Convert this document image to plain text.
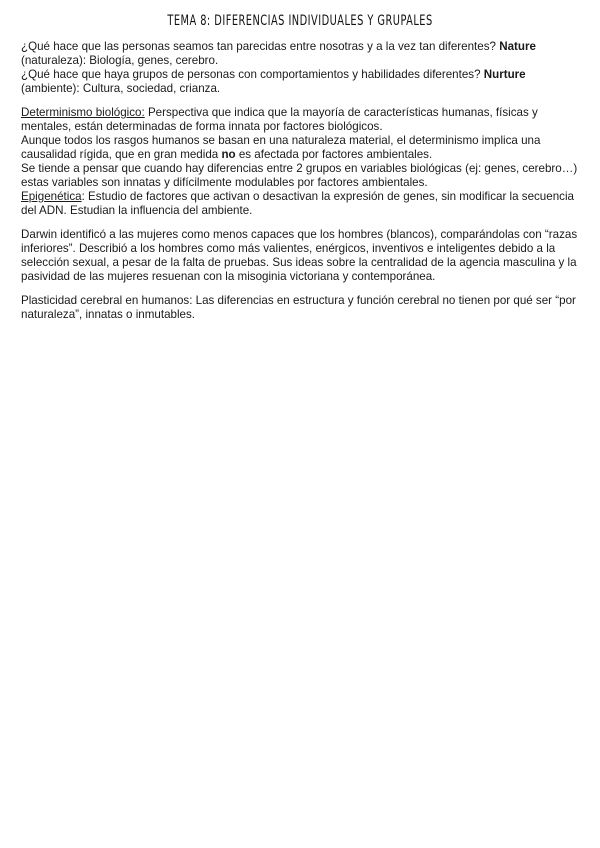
TEMA 8: DIFERENCIAS INDIVIDUALES Y GRUPALES

¿Qué hace que las personas seamos tan parecidas entre nosotras y a la vez tan diferentes? Nature
(naturaleza): Biología, genes, cerebro.
¿Qué hace que haya grupos de personas con comportamientos y habilidades diferentes? Nurture
(ambiente): Cultura, sociedad, crianza.

Determinismo biológico: Perspectiva que indica que la mayoría de características humanas, físicas y mentales, están determinadas de forma innata por factores biológicos.
Aunque todos los rasgos humanos se basan en una naturaleza material, el determinismo implica una causalidad rígida, que en gran medida no es afectada por factores ambientales.
Se tiende a pensar que cuando hay diferencias entre 2 grupos en variables biológicas (ej: genes, cerebro…) estas variables son innatas y difícilmente modulables por factores ambientales.
Epigenética: Estudio de factores que activan o desactivan la expresión de genes, sin modificar la secuencia del ADN. Estudian la influencia del ambiente.

Darwin identificó a las mujeres como menos capaces que los hombres (blancos), comparándolas con “razas inferiores”. Describió a los hombres como más valientes, enérgicos, inventivos e inteligentes debido a la selección sexual, a pesar de la falta de pruebas. Sus ideas sobre la centralidad de la agencia masculina y la pasividad de las mujeres resuenan con la misoginia victoriana y contemporánea.

Plasticidad cerebral en humanos: Las diferencias en estructura y función cerebral no tienen por qué ser “por naturaleza”, innatas o inmutables.
